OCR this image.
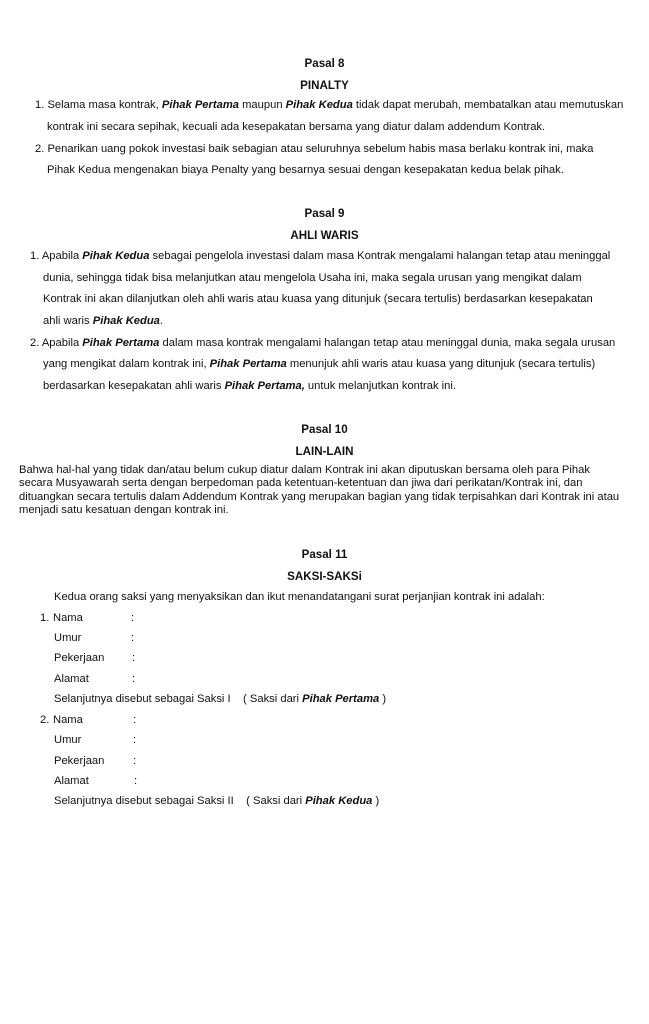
Pasal 8
PINALTY
1. Selama masa kontrak, Pihak Pertama maupun Pihak Kedua tidak dapat merubah, membatalkan atau memutuskan
kontrak ini secara sepihak, kecuali ada kesepakatan bersama yang diatur dalam addendum Kontrak.
2. Penarikan uang pokok investasi baik sebagian atau seluruhnya sebelum habis masa berlaku kontrak ini, maka
Pihak Kedua mengenakan biaya Penalty yang besarnya sesuai dengan kesepakatan kedua belak pihak.
Pasal 9
AHLI WARIS
1. Apabila Pihak Kedua sebagai pengelola investasi dalam masa Kontrak mengalami halangan tetap atau meninggal
dunia, sehingga tidak bisa melanjutkan atau mengelola Usaha ini, maka segala urusan yang mengikat dalam
Kontrak ini akan dilanjutkan oleh ahli waris atau kuasa yang ditunjuk (secara tertulis) berdasarkan kesepakatan
ahli waris Pihak Kedua.
2. Apabila Pihak Pertama dalam masa kontrak mengalami halangan tetap atau meninggal dunia, maka segala urusan
yang mengikat dalam kontrak ini, Pihak Pertama menunjuk ahli waris atau kuasa yang ditunjuk (secara tertulis)
berdasarkan kesepakatan ahli waris Pihak Pertama, untuk melanjutkan kontrak ini.
Pasal 10
LAIN-LAIN
Bahwa hal-hal yang tidak dan/atau belum cukup diatur dalam Kontrak ini akan diputuskan bersama oleh para Pihak secara Musyawarah serta dengan berpedoman pada ketentuan-ketentuan dan jiwa dari perikatan/Kontrak ini, dan dituangkan secara tertulis dalam Addendum Kontrak yang merupakan bagian yang tidak terpisahkan dari Kontrak ini atau menjadi satu kesatuan dengan kontrak ini.
Pasal 11
SAKSI-SAKSi
Kedua orang saksi yang menyaksikan dan ikut menandatangani surat perjanjian kontrak ini adalah:
1. Nama	:
Umur	:
Pekerjaan :
Alamat	:
Selanjutnya disebut sebagai Saksi I    ( Saksi dari Pihak Pertama )
2. Nama	:
Umur	:
Pekerjaan	:
Alamat	:
Selanjutnya disebut sebagai Saksi II    ( Saksi dari Pihak Kedua )
